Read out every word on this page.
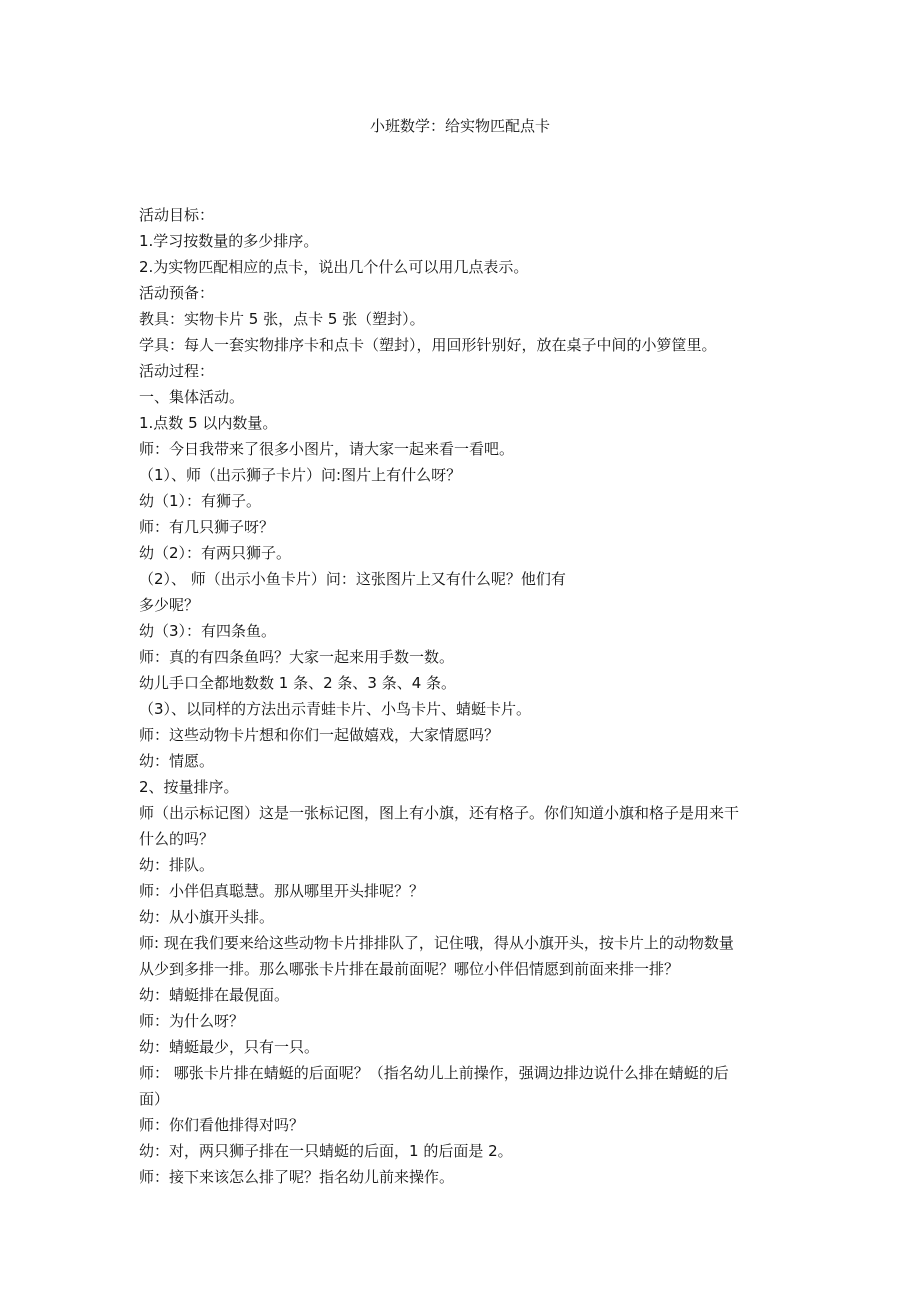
小班数学：给实物匹配点卡

活动目标：

1.学习按数量的多少排序。

2.为实物匹配相应的点卡，说出几个什么可以用几点表示。

活动预备：

教具：实物卡片 5 张，点卡 5 张（塑封）。

学具：每人一套实物排序卡和点卡（塑封），用回形针别好，放在桌子中间的小箩筐里。

活动过程：

一、集体活动。

1.点数 5 以内数量。

师：今日我带来了很多小图片，请大家一起来看一看吧。

（1）、师（出示狮子卡片）问:图片上有什么呀？

幼（1）：有狮子。

师：有几只狮子呀？

幼（2）：有两只狮子。

（2）、 师（出示小鱼卡片）问：这张图片上又有什么呢？他们有

多少呢？

幼（3）：有四条鱼。

师：真的有四条鱼吗？大家一起来用手数一数。

幼儿手口全都地数数 1 条、2 条、3 条、4 条。

（3）、以同样的方法出示青蛙卡片、小鸟卡片、蜻蜓卡片。

师：这些动物卡片想和你们一起做嬉戏，大家情愿吗？

幼：情愿。

2、按量排序。

师（出示标记图）这是一张标记图，图上有小旗，还有格子。你们知道小旗和格子是用来干

什么的吗？

幼：排队。

师：小伴侣真聪慧。那从哪里开头排呢？？

幼：从小旗开头排。

师: 现在我们要来给这些动物卡片排排队了，记住哦，得从小旗开头，按卡片上的动物数量

从少到多排一排。那么哪张卡片排在最前面呢？哪位小伴侣情愿到前面来排一排？

幼：蜻蜓排在最俔面。

师：为什么呀？

幼：蜻蜓最少，只有一只。

师： 哪张卡片排在蜻蜓的后面呢？（指名幼儿上前操作，强调边排边说什么排在蜻蜓的后

面）

师：你们看他排得对吗？

幼：对，两只狮子排在一只蜻蜓的后面，1 的后面是 2。

师：接下来该怎么排了呢？指名幼儿前来操作。
